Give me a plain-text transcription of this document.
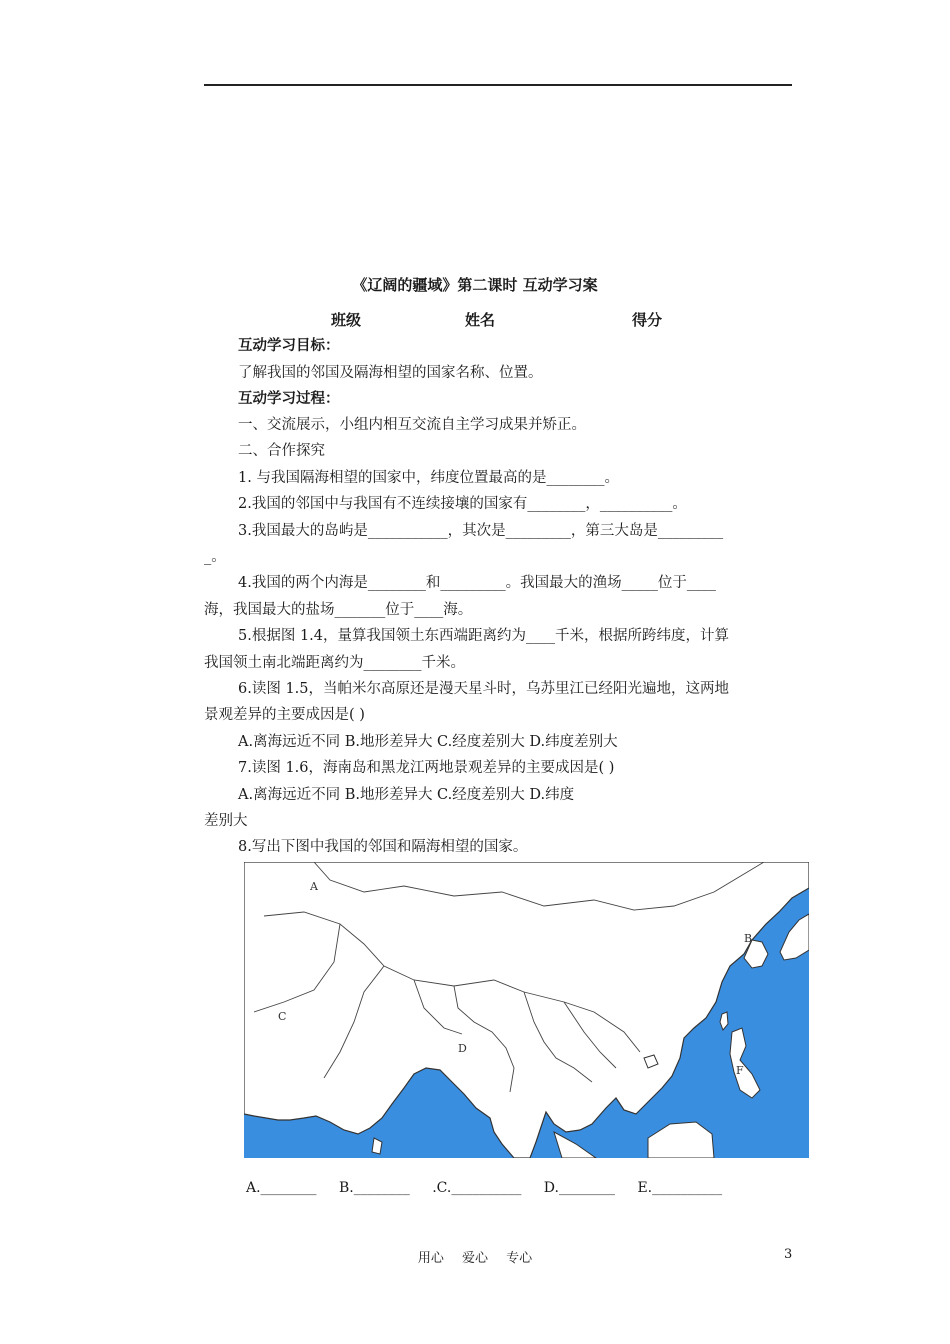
《辽阔的疆域》第二课时 互动学习案
班级	姓名	得分
互动学习目标：
了解我国的邻国及隔海相望的国家名称、位置。
互动学习过程：
一、交流展示，小组内相互交流自主学习成果并矫正。
二、合作探究
1. 与我国隔海相望的国家中，纬度位置最高的是________。
2.我国的邻国中与我国有不连续接壤的国家有________，__________。
3.我国最大的岛屿是___________，其次是_________，第三大岛是_________
_。
4.我国的两个内海是________和_________。我国最大的渔场_____位于____
海，我国最大的盐场_______位于____海。
5.根据图 1.4，量算我国领土东西端距离约为____千米，根据所跨纬度，计算
我国领土南北端距离约为________千米。
6.读图 1.5，当帕米尔高原还是漫天星斗时，乌苏里江已经阳光遍地，这两地
景观差异的主要成因是( )
A.离海远近不同 B.地形差异大 C.经度差别大 D.纬度差别大
7.读图 1.6，海南岛和黑龙江两地景观差异的主要成因是( )
A.离海远近不同 B.地形差异大 C.经度差别大 D.纬度
差别大
8.写出下图中我国的邻国和隔海相望的国家。
A
B
C
D
F
A.________ B.________ .C.__________ D.________ E.__________
用心 爱心 专心	3
